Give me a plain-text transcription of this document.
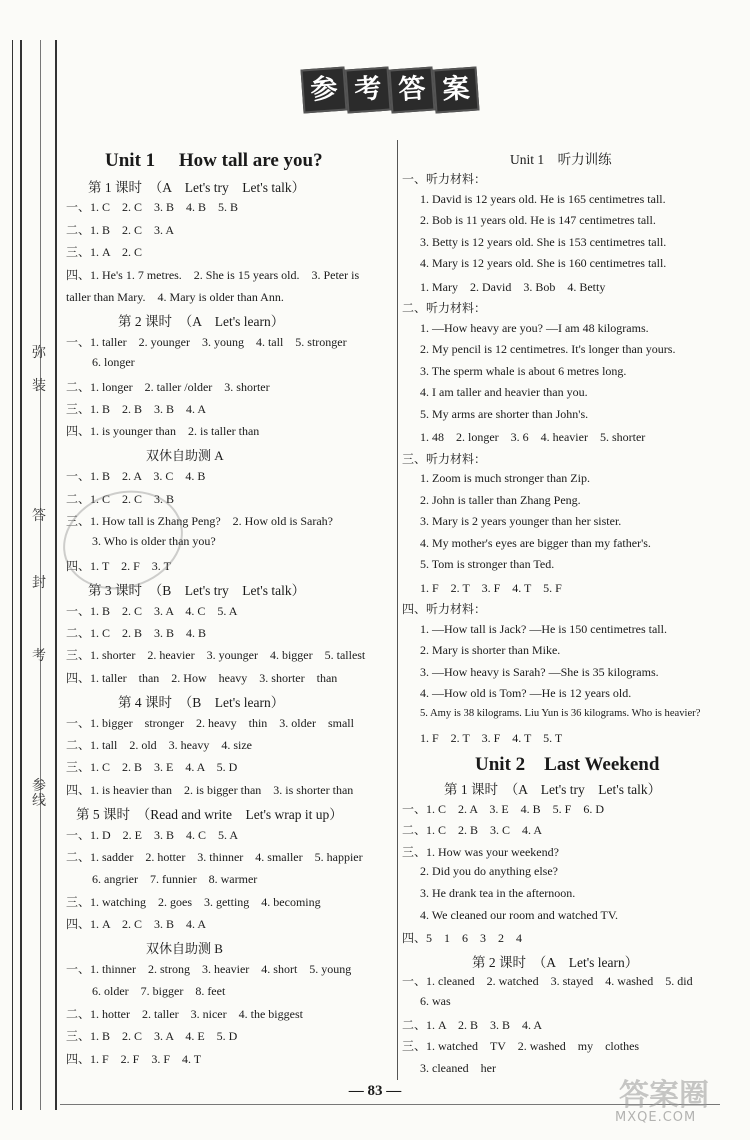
弥
装
答
封
考
参
线
参 考 答 案
Unit 1 　How tall are you?
第 1 课时　（A　Let's try　Let's talk）
一、1. C　2. C　3. B　4. B　5. B
二、1. B　2. C　3. A
三、1. A　2. C
四、1. He's 1. 7 metres.　2. She is 15 years old.　3. Peter is
taller than Mary.　4. Mary is older than Ann.
第 2 课时　（A　Let's learn）
一、1. taller　2. younger　3. young　4. tall　5. stronger
6. longer
二、1. longer　2. taller /older　3. shorter
三、1. B　2. B　3. B　4. A
四、1. is younger than　2. is taller than
双休自助测 A
一、1. B　2. A　3. C　4. B
二、1. C　2. C　3. B
三、1. How tall is Zhang Peng?　2. How old is Sarah?
3. Who is older than you?
四、1. T　2. F　3. T
第 3 课时　（B　Let's try　Let's talk）
一、1. B　2. C　3. A　4. C　5. A
二、1. C　2. B　3. B　4. B
三、1. shorter　2. heavier　3. younger　4. bigger　5. tallest
四、1. taller　than　2. How　heavy　3. shorter　than
第 4 课时　（B　Let's learn）
一、1. bigger　stronger　2. heavy　thin　3. older　small
二、1. tall　2. old　3. heavy　4. size
三、1. C　2. B　3. E　4. A　5. D
四、1. is heavier than　2. is bigger than　3. is shorter than
第 5 课时　（Read and write　Let's wrap it up）
一、1. D　2. E　3. B　4. C　5. A
二、1. sadder　2. hotter　3. thinner　4. smaller　5. happier
6. angrier　7. funnier　8. warmer
三、1. watching　2. goes　3. getting　4. becoming
四、1. A　2. C　3. B　4. A
双休自助测 B
一、1. thinner　2. strong　3. heavier　4. short　5. young
6. older　7. bigger　8. feet
二、1. hotter　2. taller　3. nicer　4. the biggest
三、1. B　2. C　3. A　4. E　5. D
四、1. F　2. F　3. F　4. T
Unit 1　听力训练
一、听力材料：
1. David is 12 years old. He is 165 centimetres tall.
2. Bob is 11 years old. He is 147 centimetres tall.
3. Betty is 12 years old. She is 153 centimetres tall.
4. Mary is 12 years old. She is 160 centimetres tall.
1. Mary　2. David　3. Bob　4. Betty
二、听力材料：
1. —How heavy are you? —I am 48 kilograms.
2. My pencil is 12 centimetres. It's longer than yours.
3. The sperm whale is about 6 metres long.
4. I am taller and heavier than you.
5. My arms are shorter than John's.
1. 48　2. longer　3. 6　4. heavier　5. shorter
三、听力材料：
1. Zoom is much stronger than Zip.
2. John is taller than Zhang Peng.
3. Mary is 2 years younger than her sister.
4. My mother's eyes are bigger than my father's.
5. Tom is stronger than Ted.
1. F　2. T　3. F　4. T　5. F
四、听力材料：
1. —How tall is Jack? —He is 150 centimetres tall.
2. Mary is shorter than Mike.
3. —How heavy is Sarah? —She is 35 kilograms.
4. —How old is Tom? —He is 12 years old.
5. Amy is 38 kilograms. Liu Yun is 36 kilograms. Who is heavier?
1. F　2. T　3. F　4. T　5. T
Unit 2　Last Weekend
第 1 课时　（A　Let's try　Let's talk）
一、1. C　2. A　3. E　4. B　5. F　6. D
二、1. C　2. B　3. C　4. A
三、1. How was your weekend?
2. Did you do anything else?
3. He drank tea in the afternoon.
4. We cleaned our room and watched TV.
四、5　1　6　3　2　4
第 2 课时　（A　Let's learn）
一、1. cleaned　2. watched　3. stayed　4. washed　5. did
6. was
二、1. A　2. B　3. B　4. A
三、1. watched　TV　2. washed　my　clothes
3. cleaned　her
— 83 —	答案圈
MXQE.COM
